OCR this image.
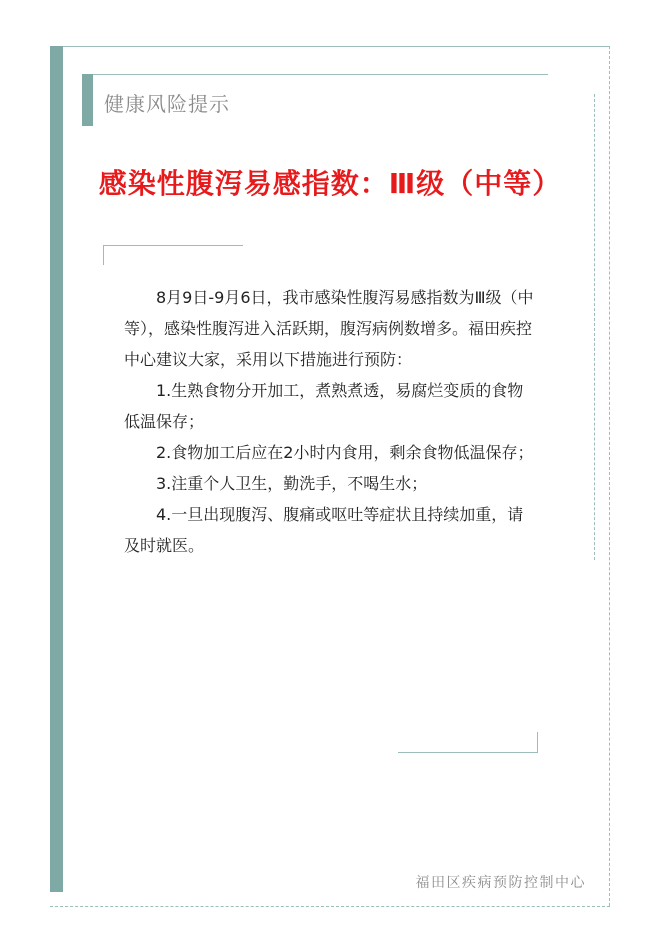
健康风险提示
感染性腹泻易感指数：Ⅲ级（中等）

8月9日-9月6日，我市感染性腹泻易感指数为Ⅲ级（中等），感染性腹泻进入活跃期，腹泻病例数增多。福田疾控中心建议大家，采用以下措施进行预防：

1.生熟食物分开加工，煮熟煮透，易腐烂变质的食物低温保存；

2.食物加工后应在2小时内食用，剩余食物低温保存；

3.注重个人卫生，勤洗手，不喝生水；

4.一旦出现腹泻、腹痛或呕吐等症状且持续加重，请及时就医。

福田区疾病预防控制中心
